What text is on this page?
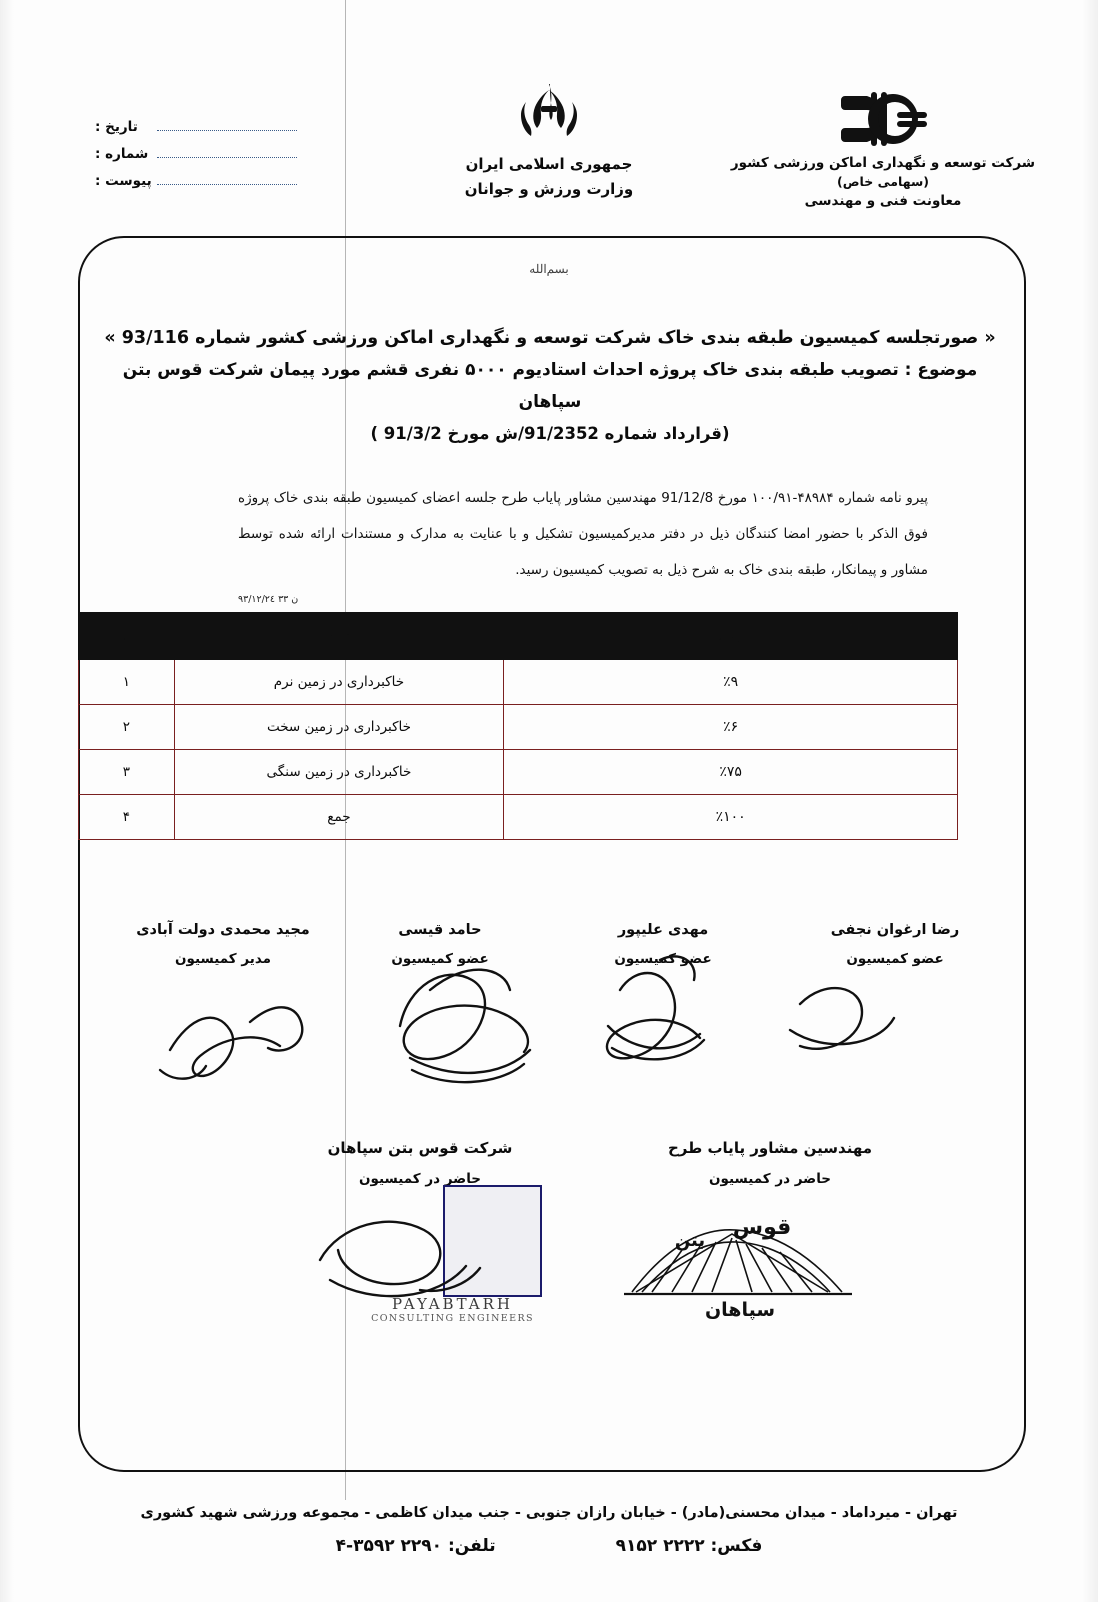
شرکت توسعه و نگهداری اماکن ورزشی کشور
(سهامی خاص)
معاونت فنی و مهندسی
جمهوری اسلامی ایران
وزارت ورزش و جوانان
تاریخ :
شماره :
پیوست :
بسم‌الله
« صورتجلسه کمیسیون طبقه بندی خاک شرکت توسعه و نگهداری اماکن ورزشی کشور شماره 93/116 »
موضوع : تصویب طبقه بندی خاک پروژه احداث استادیوم ۵۰۰۰ نفری قشم مورد پیمان شرکت قوس بتن سپاهان
(قرارداد شماره 91/2352/ش مورخ 91/3/2 )
پیرو نامه شماره ۴۸۹۸۴-۱۰۰/۹۱ مورخ 91/12/8 مهندسین مشاور پایاب طرح جلسه اعضای کمیسیون طبقه بندی خاک پروژه فوق الذکر با حضور امضا کنندگان ذیل در دفتر مدیرکمیسیون تشکیل و با عنایت به مدارک و مستندات ارائه شده توسط مشاور و پیمانکار، طبقه بندی خاک به شرح ذیل به تصویب کمیسیون رسید.
ن ٣٣ ٩٣/١٢/٢٤

٪۹	خاکبرداری در زمین نرم	۱
٪۶	خاکبرداری در زمین سخت	۲
٪۷۵	خاکبرداری در زمین سنگی	۳
٪۱۰۰	جمع	۴
رضا ارغوان نجفی
عضو کمیسیون
مهدی علیپور
عضو کمیسیون
حامد قیسی
عضو کمیسیون
مجید محمدی دولت آبادی
مدیر کمیسیون
مهندسین مشاور پایاب طرح
حاضر در کمیسیون
شرکت قوس بتن سپاهان
حاضر در کمیسیون
PAYABTARH
CONSULTING ENGINEERS
قوس
بتن
سپاهان
تهران - میرداماد - میدان محسنی(مادر) - خیابان رازان جنوبی - جنب میدان کاظمی - مجموعه ورزشی شهید کشوری
فکس: ۲۲۲۲ ۹۱۵۲
تلفن: ۲۲۹۰ ۳۵۹۲-۴
